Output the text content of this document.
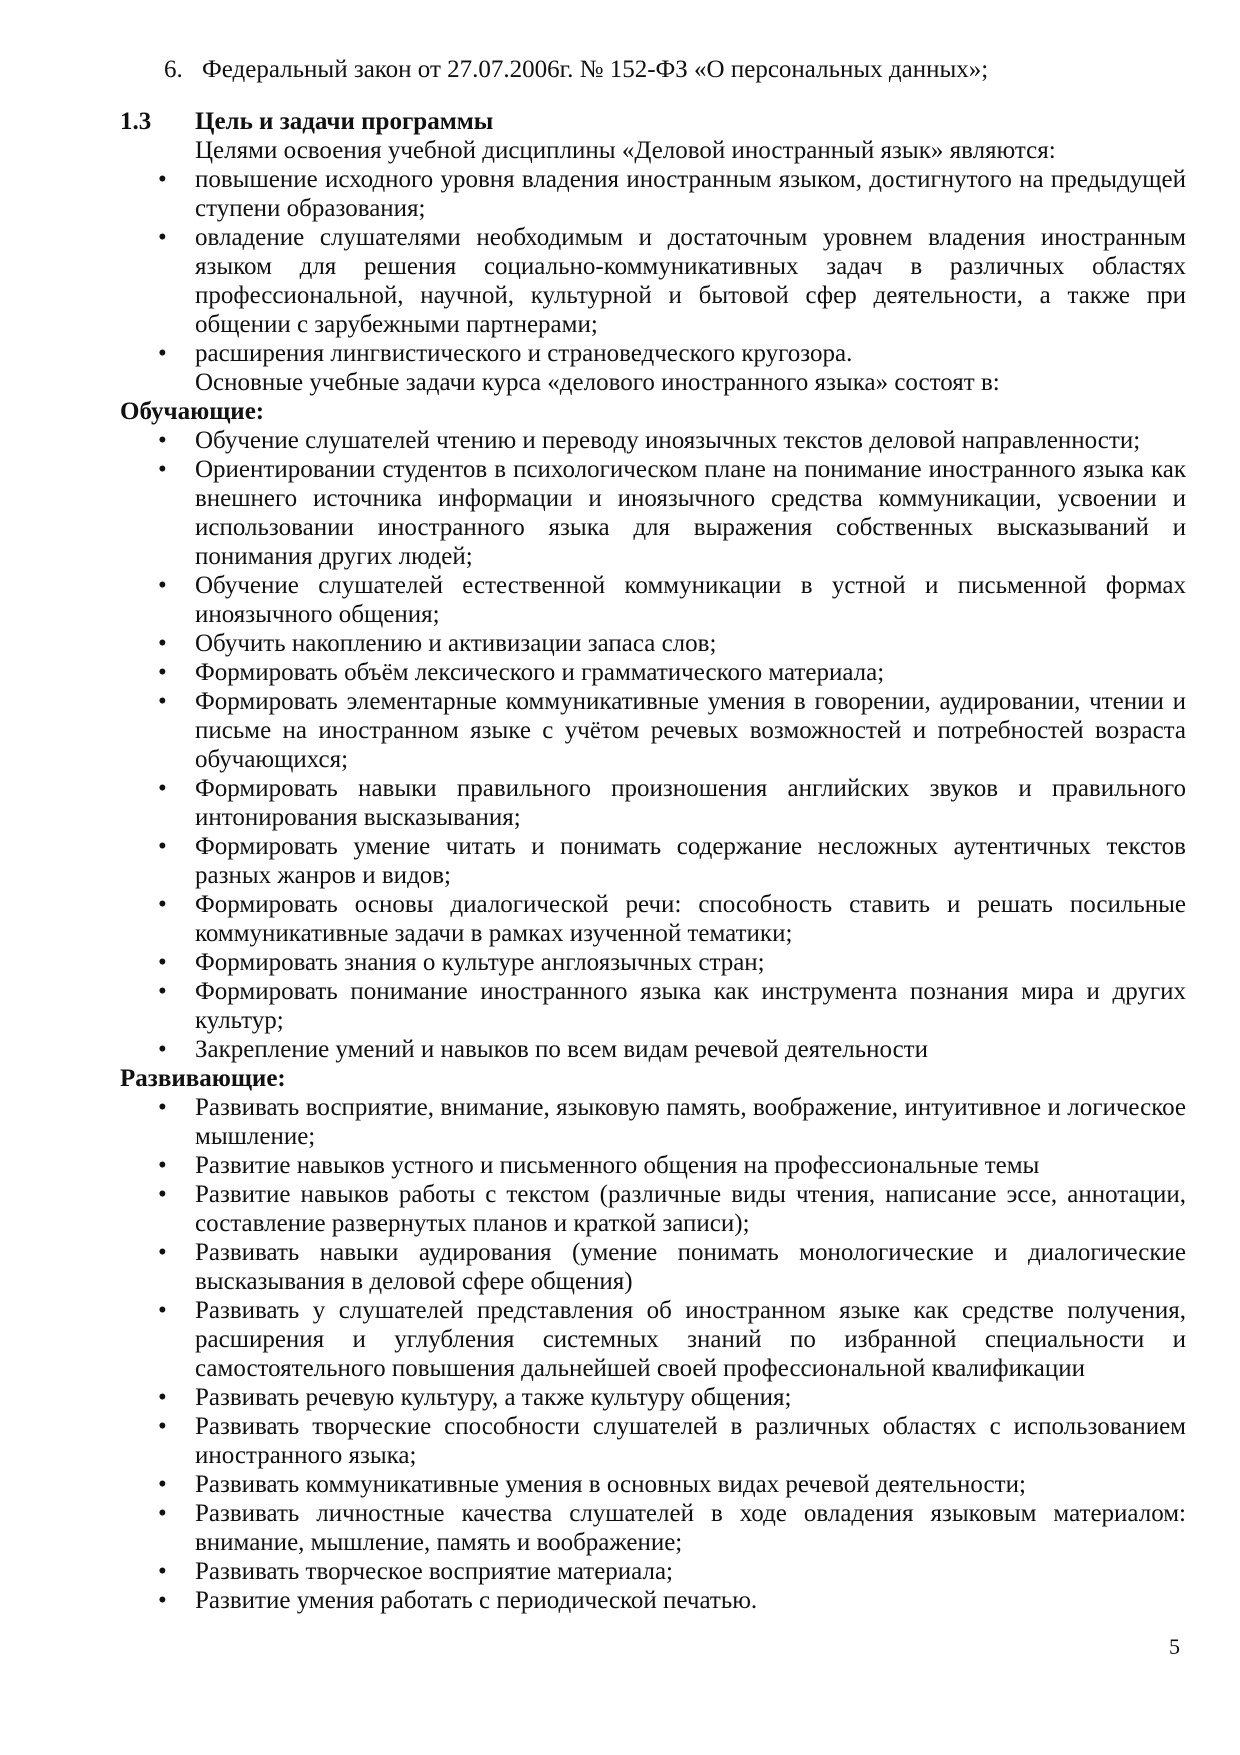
6. Федеральный закон от 27.07.2006г. № 152-ФЗ «О персональных данных»;
1.3	Цель и задачи программы

Целями освоения учебной дисциплины «Деловой иностранный язык» являются:

• повышение исходного уровня владения иностранным языком, достигнутого на предыдущей ступени образования;
• овладение слушателями необходимым и достаточным уровнем владения иностранным языком для решения социально-коммуникативных задач в различных областях профессиональной, научной, культурной и бытовой сфер деятельности, а также при общении с зарубежными партнерами;
• расширения лингвистического и страноведческого кругозора.

Основные учебные задачи курса «делового иностранного языка» состоят в:

Обучающие:

• Обучение слушателей чтению и переводу иноязычных текстов деловой направленности;
• Ориентировании студентов в психологическом плане на понимание иностранного языка как внешнего источника информации и иноязычного средства коммуникации, усвоении и использовании иностранного языка для выражения собственных высказываний и понимания других людей;
• Обучение слушателей естественной коммуникации в устной и письменной формах иноязычного общения;
• Обучить накоплению и активизации запаса слов;
• Формировать объём лексического и грамматического материала;
• Формировать элементарные коммуникативные умения в говорении, аудировании, чтении и письме на иностранном языке с учётом речевых возможностей и потребностей возраста обучающихся;
• Формировать навыки правильного произношения английских звуков и правильного интонирования высказывания;
• Формировать умение читать и понимать содержание несложных аутентичных текстов разных жанров и видов;
• Формировать основы диалогической речи: способность ставить и решать посильные коммуникативные задачи в рамках изученной тематики;
• Формировать знания о культуре англоязычных стран;
• Формировать понимание иностранного языка как инструмента познания мира и других культур;
• Закрепление умений и навыков по всем видам речевой деятельности

Развивающие:

• Развивать восприятие, внимание, языковую память, воображение, интуитивное и логическое мышление;
• Развитие навыков устного и письменного общения на профессиональные темы
• Развитие навыков работы с текстом (различные виды чтения, написание эссе, аннотации, составление развернутых планов и краткой записи);
• Развивать навыки аудирования (умение понимать монологические и диалогические высказывания в деловой сфере общения)
• Развивать у слушателей представления об иностранном языке как средстве получения, расширения и углубления системных знаний по избранной специальности и самостоятельного повышения дальнейшей своей профессиональной квалификации
• Развивать речевую культуру, а также культуру общения;
• Развивать творческие способности слушателей в различных областях с использованием иностранного языка;
• Развивать коммуникативные умения в основных видах речевой деятельности;
• Развивать личностные качества слушателей в ходе овладения языковым материалом: внимание, мышление, память и воображение;
• Развивать творческое восприятие материала;
• Развитие умения работать с периодической печатью.
5
